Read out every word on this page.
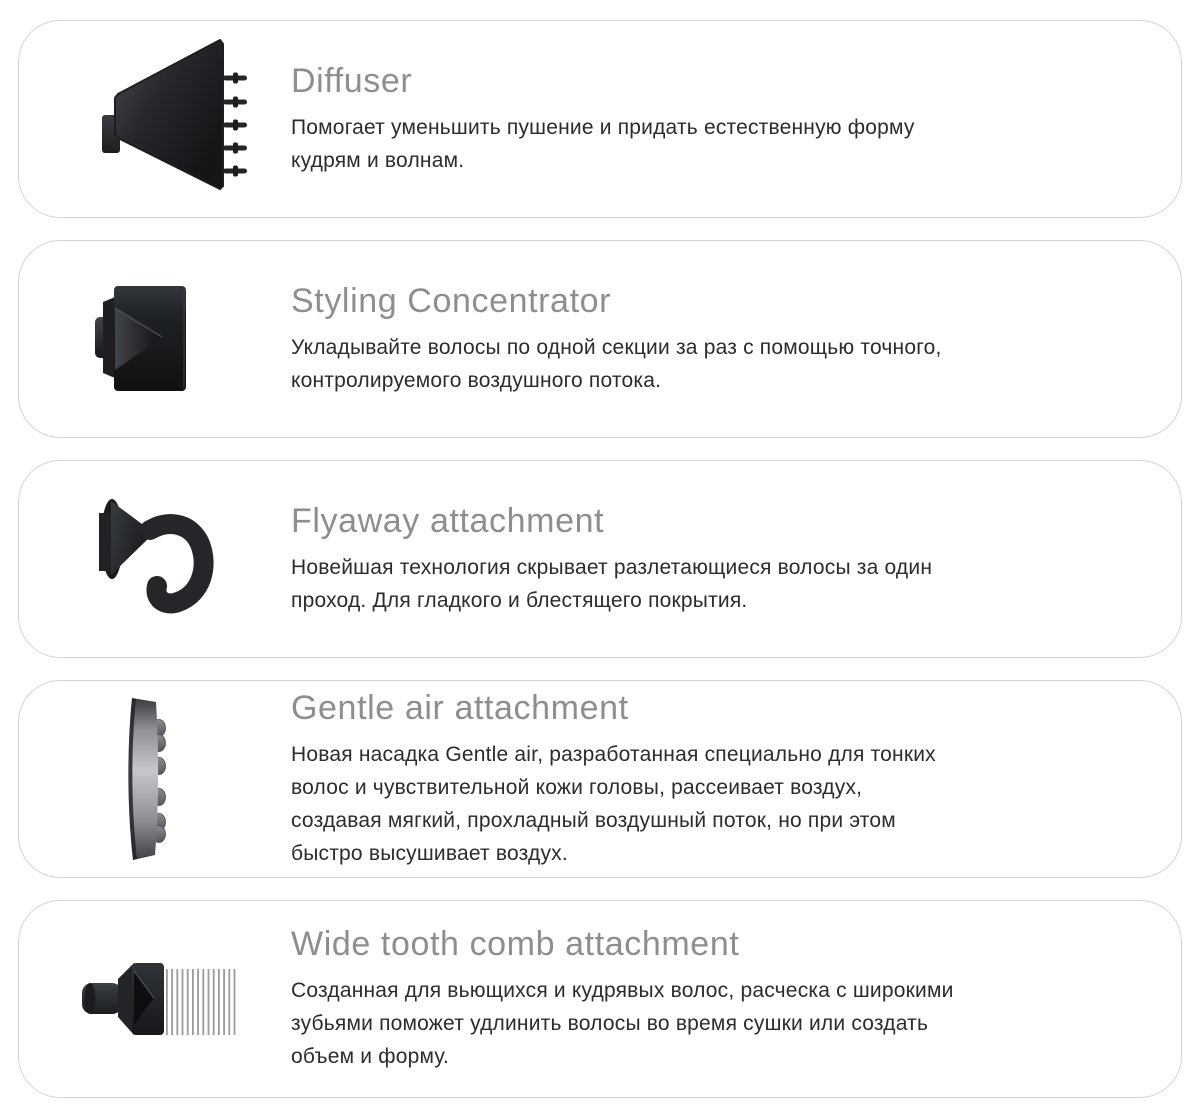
Diffuser
Помогает уменьшить пушение и придать естественную форму
кудрям и волнам.
Styling Concentrator
Укладывайте волосы по одной секции за раз с помощью точного,
контролируемого воздушного потока.
Flyaway attachment
Новейшая технология скрывает разлетающиеся волосы за один
проход. Для гладкого и блестящего покрытия.
Gentle air attachment
Новая насадка Gentle air, разработанная специально для тонких
волос и чувствительной кожи головы, рассеивает воздух,
создавая мягкий, прохладный воздушный поток, но при этом
быстро высушивает воздух.
Wide tooth comb attachment
Созданная для вьющихся и кудрявых волос, расческа с широкими
зубьями поможет удлинить волосы во время сушки или создать
объем и форму.
